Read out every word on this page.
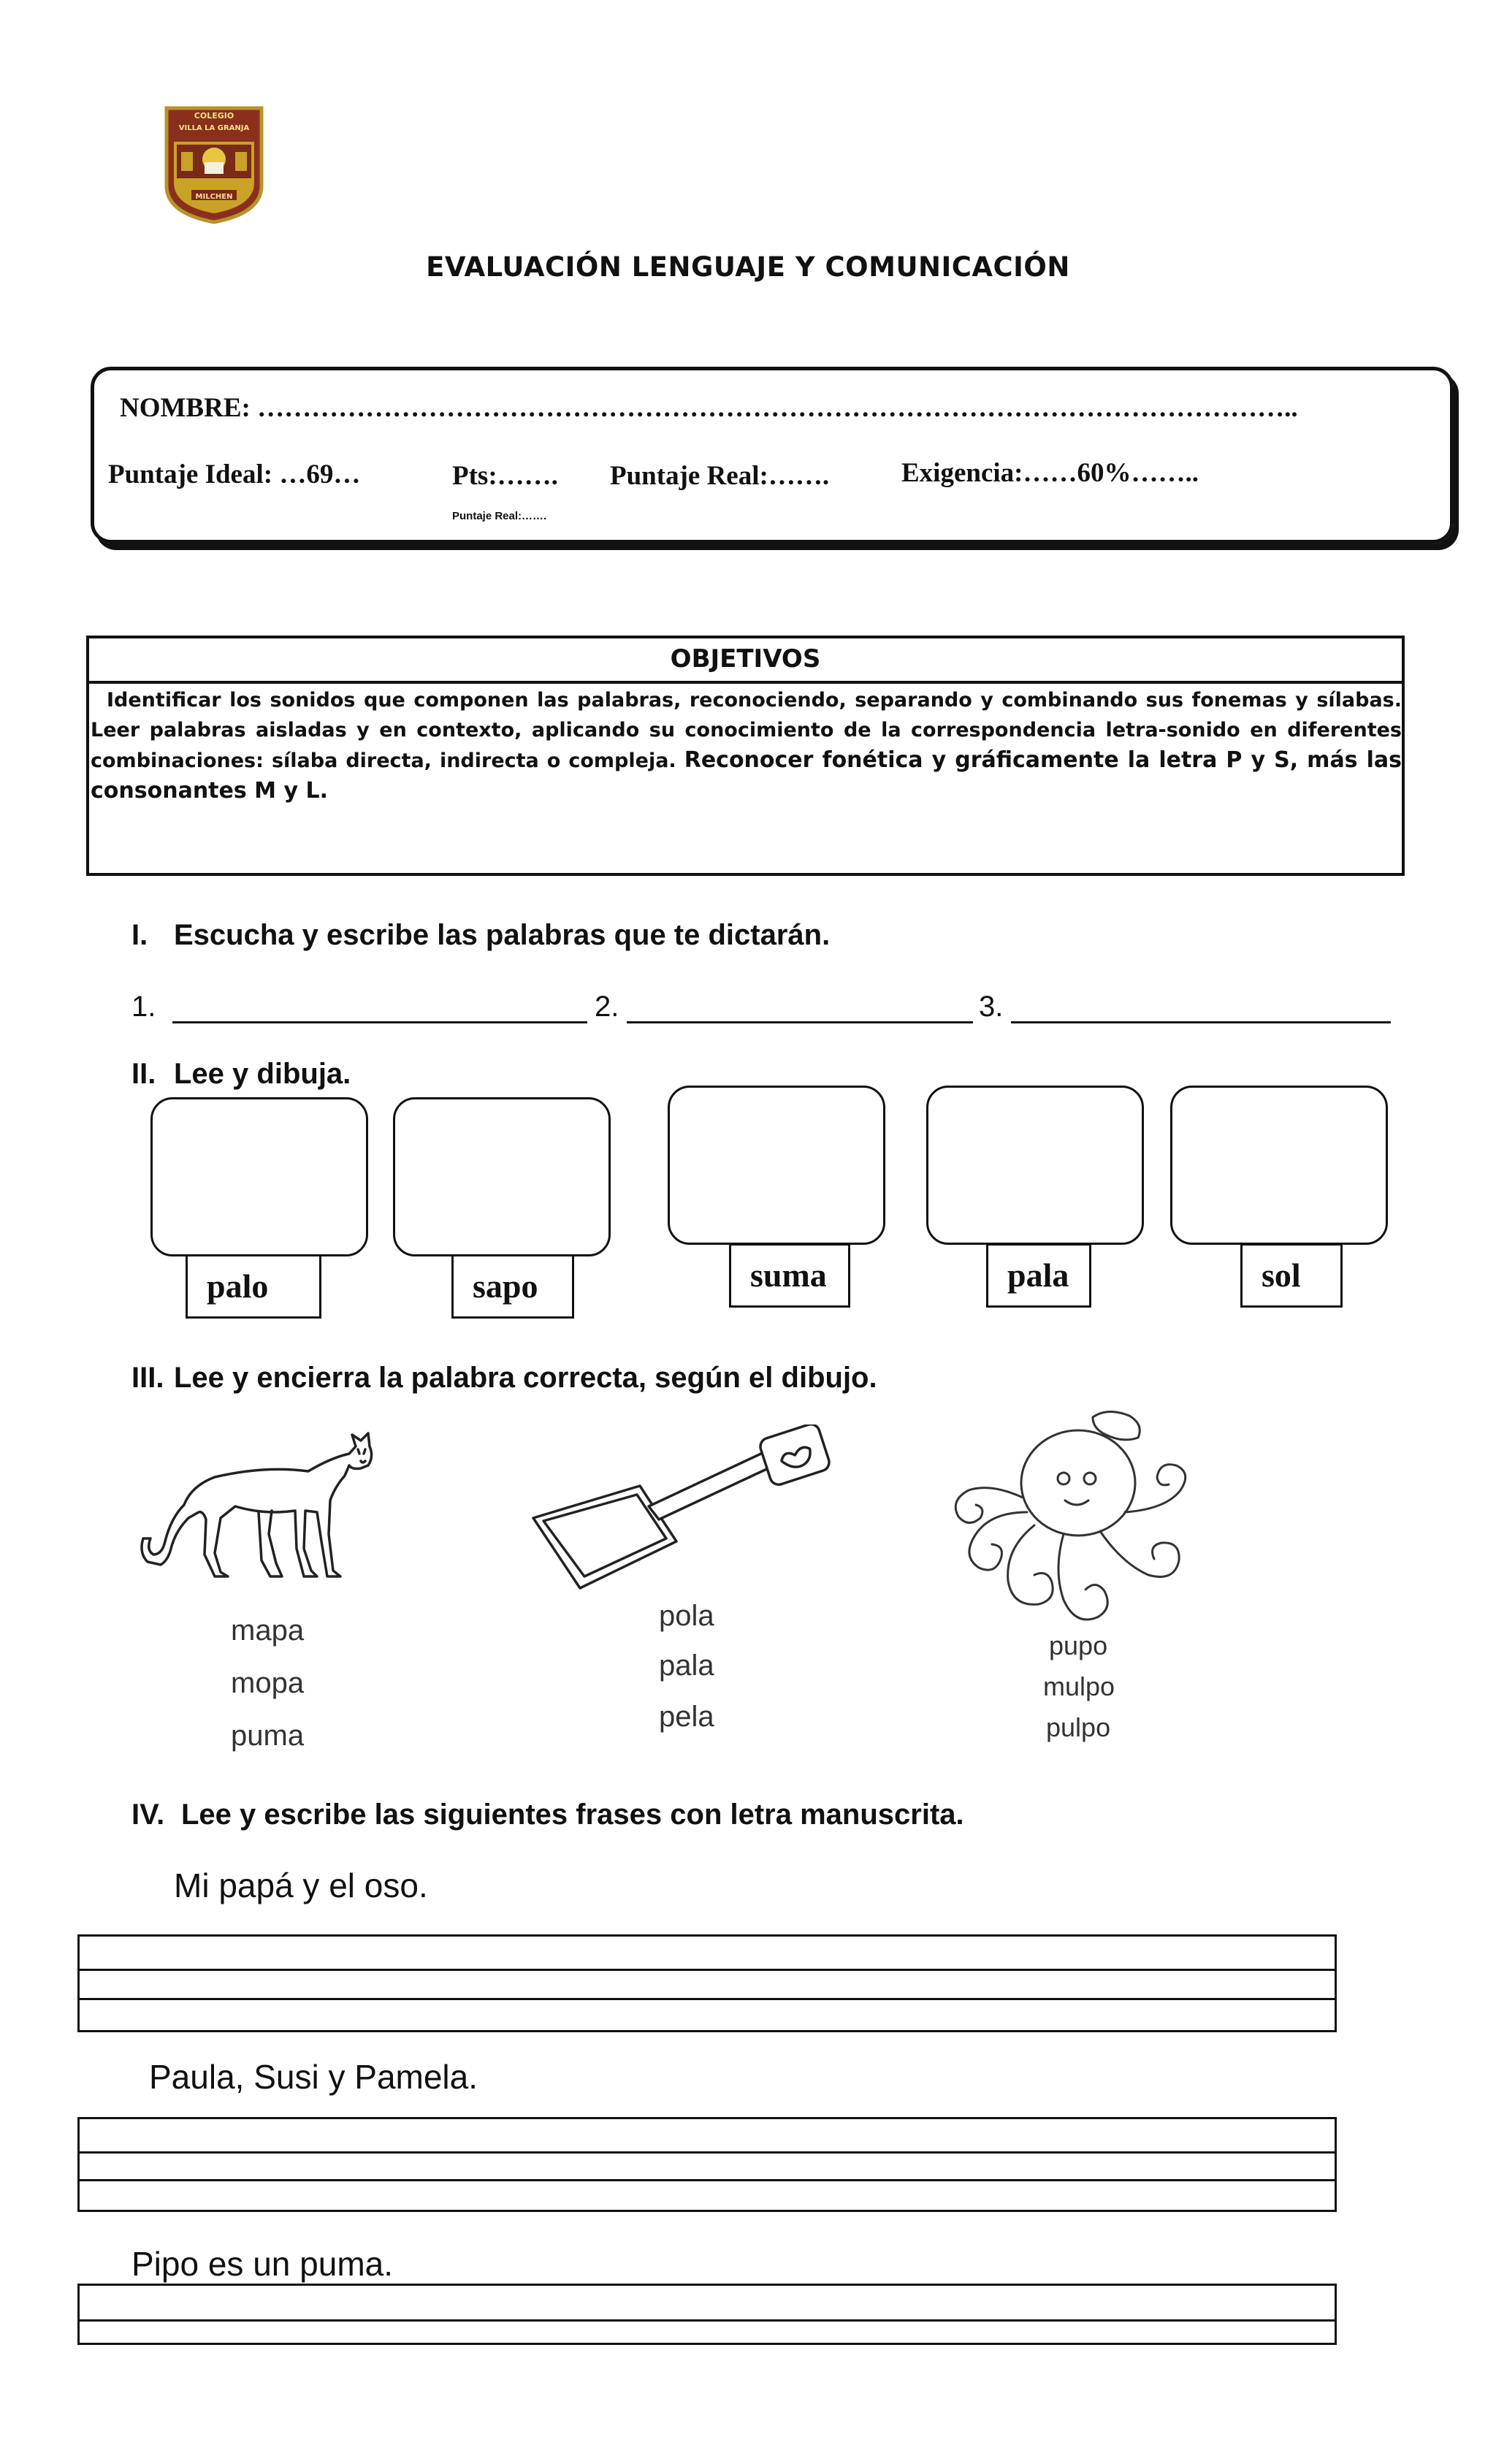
COLEGIO
VILLA LA GRANJA
MILCHEN
EVALUACIÓN LENGUAJE Y COMUNICACIÓN
NOMBRE: ……………………………………………………………………………………………………..
Puntaje Ideal: …69…	Pts:……. Puntaje Real:…….	Exigencia:……60%……..
Puntaje Real:…….
OBJETIVOS
Identificar los sonidos que componen las palabras, reconociendo, separando y combinando sus fonemas y sílabas. Leer palabras aisladas y en contexto, aplicando su conocimiento de la correspondencia letra-sonido en diferentes combinaciones: sílaba directa, indirecta o compleja. Reconocer fonética y gráficamente la letra P y S, más las consonantes M y L.
I. Escucha y escribe las palabras que te dictarán.
1.	2.	3.
II. Lee y dibuja.
palo	sapo	suma	pala	sol
III. Lee y encierra la palabra correcta, según el dibujo.
mapa
mopa
puma
pola
pala
pela
pupo
mulpo
pulpo
IV. Lee y escribe las siguientes frases con letra manuscrita.
Mi papá y el oso.
Paula, Susi y Pamela.
Pipo es un puma.
